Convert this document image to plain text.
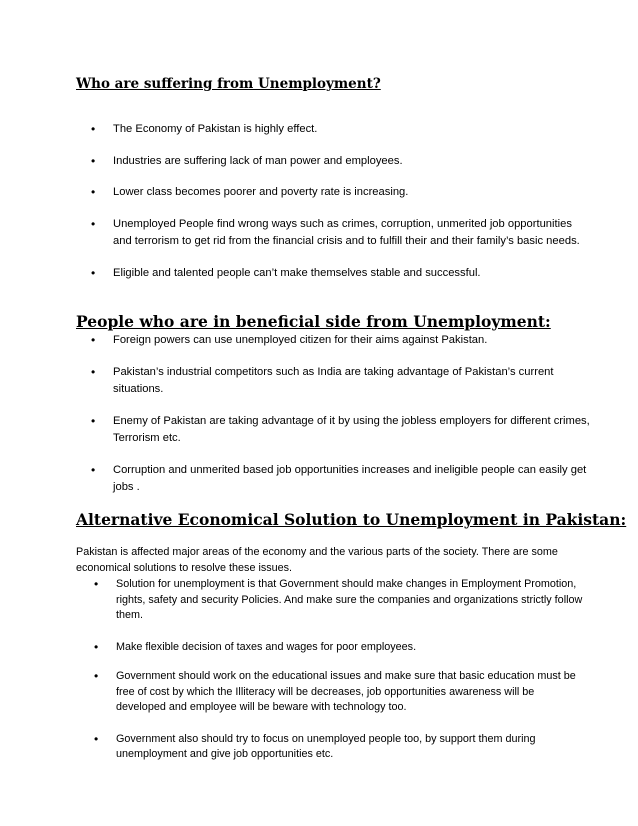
Who are suffering from Unemployment?
• The Economy of Pakistan is highly effect.
• Industries are suffering lack of man power and employees.
• Lower class becomes poorer and poverty rate is increasing.
• Unemployed People find wrong ways such as crimes, corruption, unmerited job opportunities and terrorism to get rid from the financial crisis and to fulfill their and their family’s basic needs.
• Eligible and talented people can’t make themselves stable and successful.
People who are in beneficial side from Unemployment:
• Foreign powers can use unemployed citizen for their aims against Pakistan.
• Pakistan’s industrial competitors such as India are taking advantage of Pakistan’s current situations.
• Enemy of Pakistan are taking advantage of it by using the jobless employers for different crimes, Terrorism etc.
• Corruption and unmerited based job opportunities increases and ineligible people can easily get jobs .
Alternative Economical Solution to Unemployment in Pakistan:
Pakistan is affected major areas of the economy and the various parts of the society. There are some economical solutions to resolve these issues.
• Solution for unemployment is that Government should make changes in Employment Promotion, rights, safety and security Policies. And make sure the companies and organizations strictly follow them.
• Make flexible decision of taxes and wages for poor employees.
• Government should work on the educational issues and make sure that basic education must be free of cost by which the Illiteracy will be decreases, job opportunities awareness will be developed and employee will be beware with technology too.
• Government also should try to focus on unemployed people too, by support them during unemployment and give job opportunities etc.
